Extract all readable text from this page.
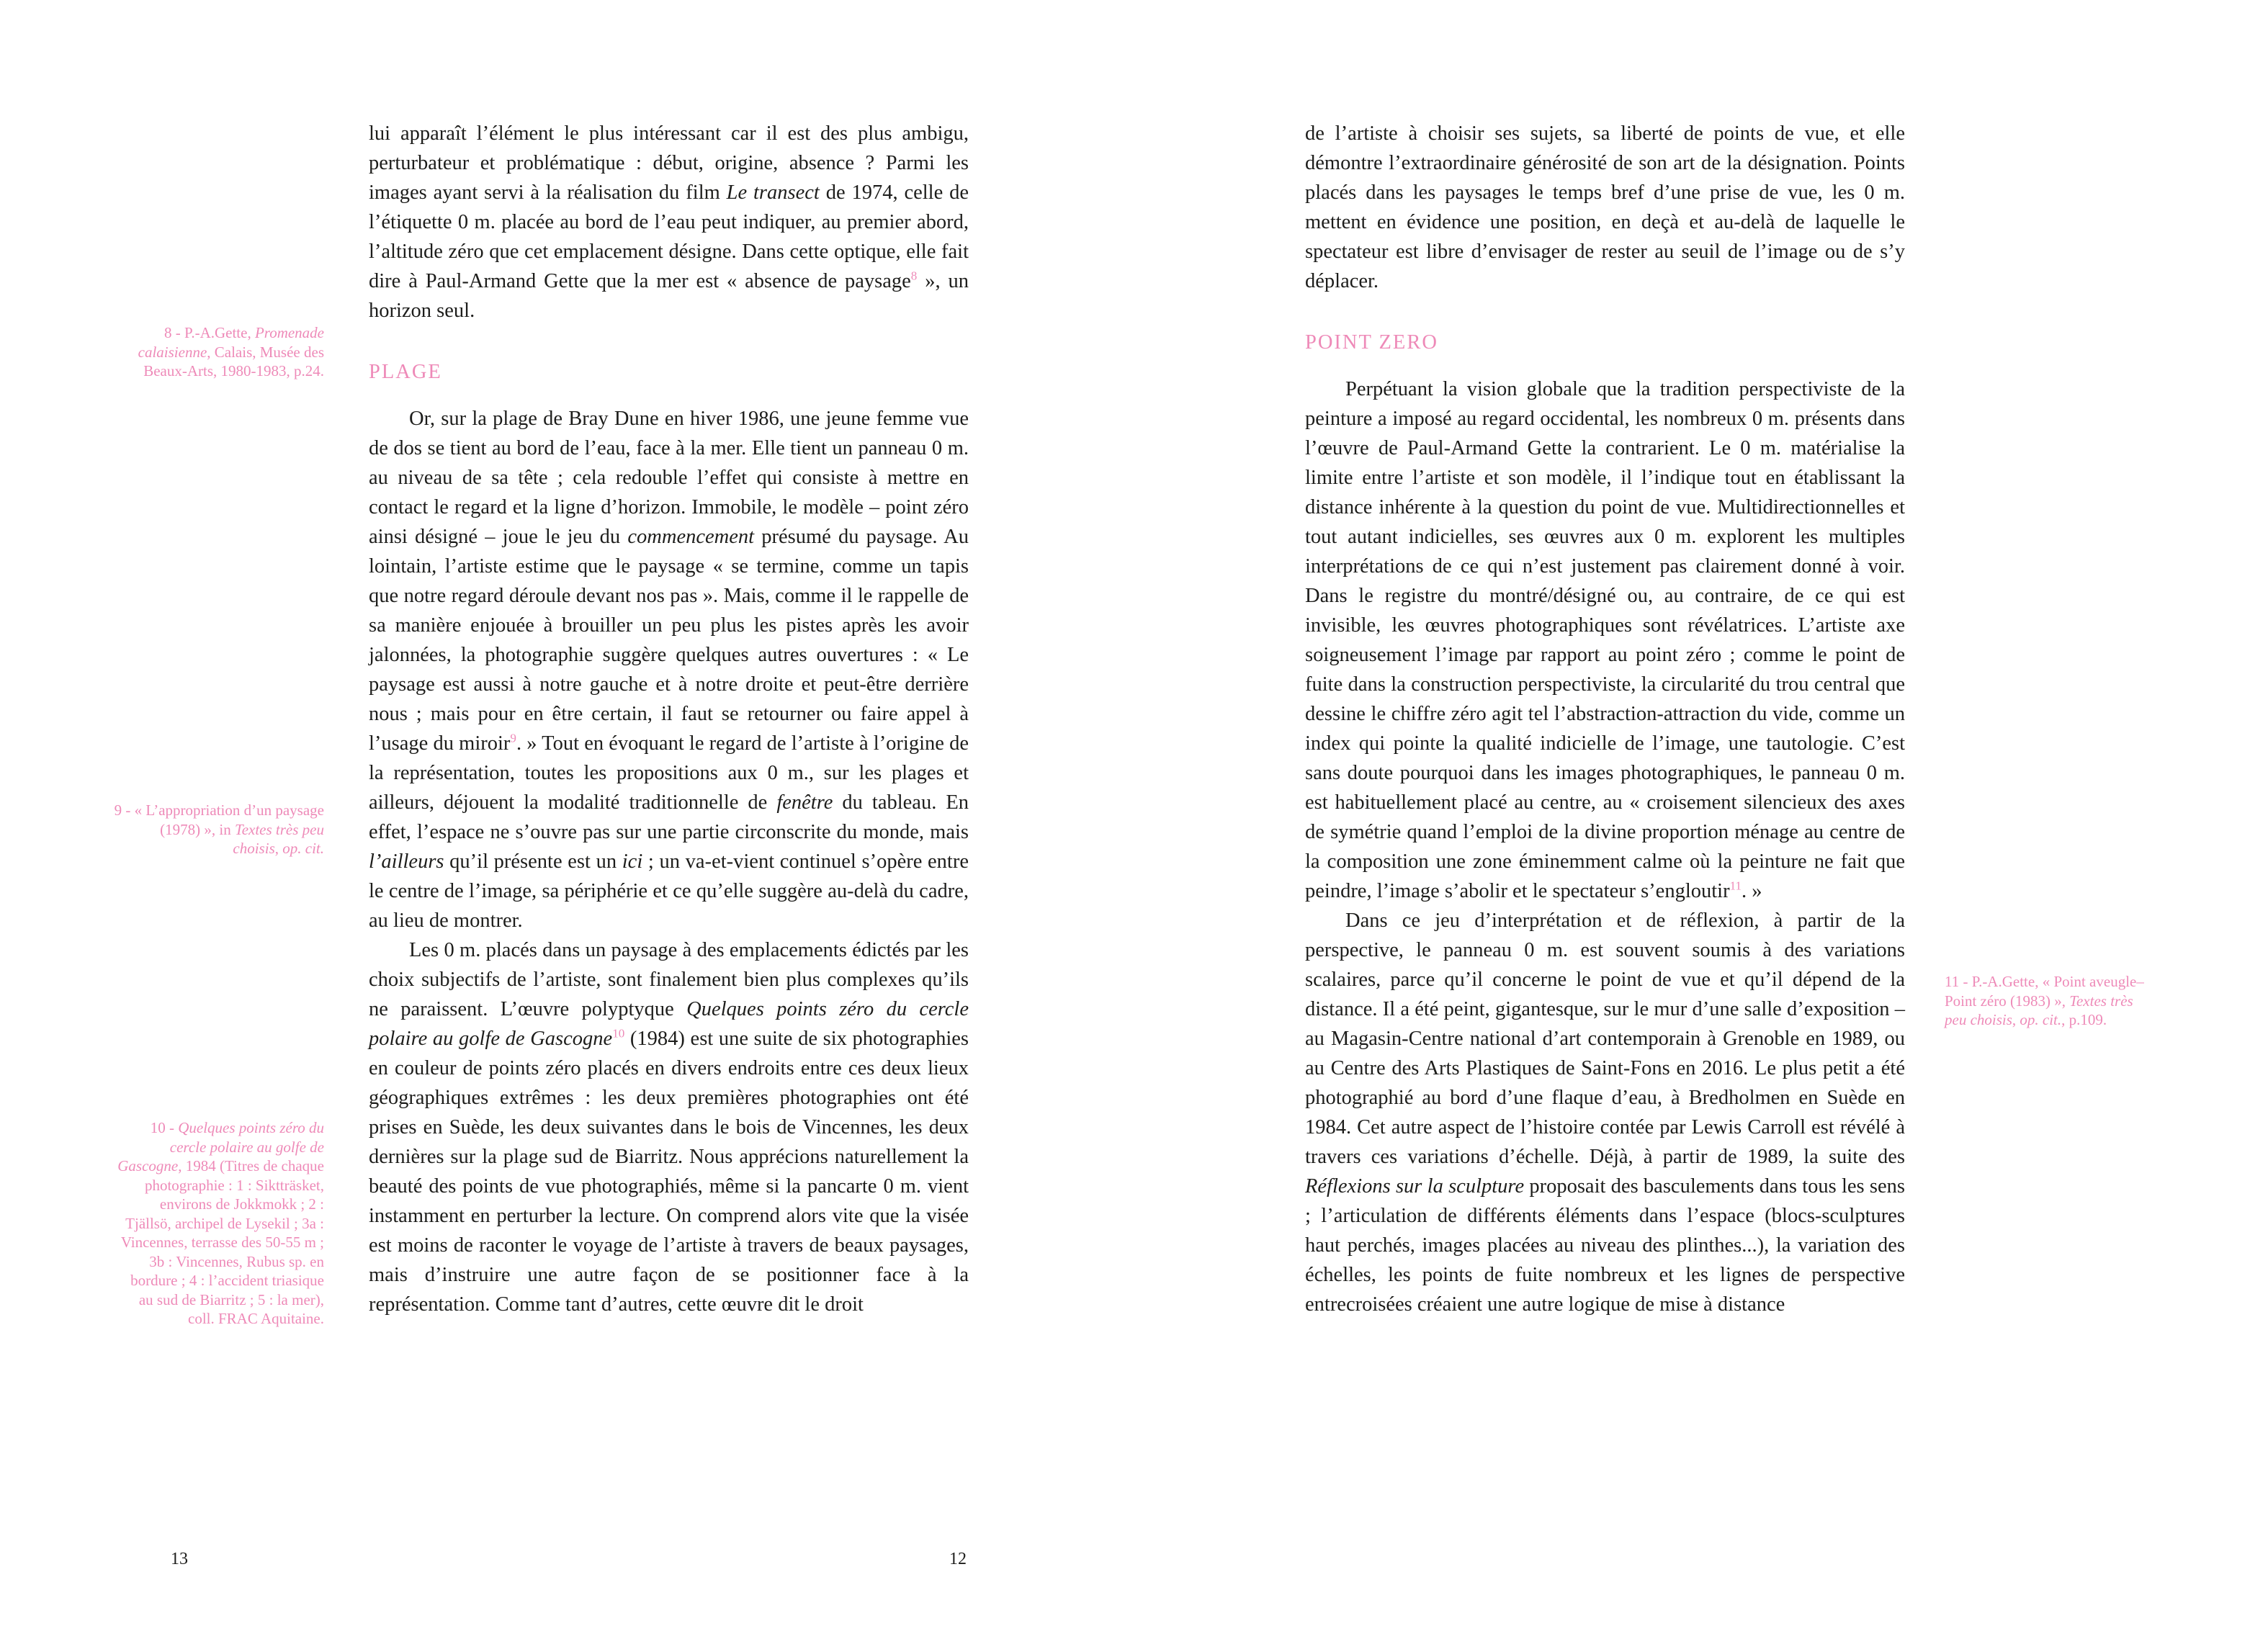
8 - P.-A.Gette, Promenade calaisienne, Calais, Musée des Beaux-Arts, 1980-1983, p.24.
9 - « L’appropriation d’un paysage (1978) », in Textes très peu choisis, op. cit.
10 - Quelques points zéro du cercle polaire au golfe de Gascogne, 1984 (Titres de chaque photographie : 1 : Siktträsket, environs de Jokkmokk ; 2 : Tjällsö, archipel de Lysekil ; 3a : Vincennes, terrasse des 50-55 m ; 3b : Vincennes, Rubus sp. en bordure ; 4 : l’accident triasique au sud de Biarritz ; 5 : la mer), coll. FRAC Aquitaine.

lui apparaît l’élément le plus intéressant car il est des plus ambigu, perturbateur et problématique : début, origine, absence ? Parmi les images ayant servi à la réalisation du film Le transect de 1974, celle de l’étiquette 0 m. placée au bord de l’eau peut indiquer, au premier abord, l’altitude zéro que cet emplacement désigne. Dans cette optique, elle fait dire à Paul-Armand Gette que la mer est « absence de paysage$^8$ », un horizon seul.

PLAGE

Or, sur la plage de Bray Dune en hiver 1986, une jeune femme vue de dos se tient au bord de l’eau, face à la mer. Elle tient un panneau 0 m. au niveau de sa tête ; cela redouble l’effet qui consiste à mettre en contact le regard et la ligne d’horizon. Immobile, le modèle – point zéro ainsi désigné – joue le jeu du commencement présumé du paysage. Au lointain, l’artiste estime que le paysage « se termine, comme un tapis que notre regard déroule devant nos pas ». Mais, comme il le rappelle de sa manière enjouée à brouiller un peu plus les pistes après les avoir jalonnées, la photographie suggère quelques autres ouvertures : « Le paysage est aussi à notre gauche et à notre droite et peut-être derrière nous ; mais pour en être certain, il faut se retourner ou faire appel à l’usage du miroir$^9$. » Tout en évoquant le regard de l’artiste à l’origine de la représentation, toutes les propositions aux 0 m., sur les plages et ailleurs, déjouent la modalité traditionnelle de fenêtre du tableau. En effet, l’espace ne s’ouvre pas sur une partie circonscrite du monde, mais l’ailleurs qu’il présente est un ici ; un va-et-vient continuel s’opère entre le centre de l’image, sa périphérie et ce qu’elle suggère au-delà du cadre, au lieu de montrer.

Les 0 m. placés dans un paysage à des emplacements édictés par les choix subjectifs de l’artiste, sont finalement bien plus complexes qu’ils ne paraissent. L’œuvre polyptyque Quelques points zéro du cercle polaire au golfe de Gascogne$^{10}$ (1984) est une suite de six photographies en couleur de points zéro placés en divers endroits entre ces deux lieux géographiques extrêmes : les deux premières photographies ont été prises en Suède, les deux suivantes dans le bois de Vincennes, les deux dernières sur la plage sud de Biarritz. Nous apprécions naturellement la beauté des points de vue photographiés, même si la pancarte 0 m. vient instamment en perturber la lecture. On comprend alors vite que la visée est moins de raconter le voyage de l’artiste à travers de beaux paysages, mais d’instruire une autre façon de se positionner face à la représentation. Comme tant d’autres, cette œuvre dit le droit

11 - P.-A.Gette, « Point aveugle– Point zéro (1983) », Textes très peu choisis, op. cit., p.109.

de l’artiste à choisir ses sujets, sa liberté de points de vue, et elle démontre l’extraordinaire générosité de son art de la désignation. Points placés dans les paysages le temps bref d’une prise de vue, les 0 m. mettent en évidence une position, en deçà et au-delà de laquelle le spectateur est libre d’envisager de rester au seuil de l’image ou de s’y déplacer.

POINT ZERO

Perpétuant la vision globale que la tradition perspectiviste de la peinture a imposé au regard occidental, les nombreux 0 m. présents dans l’œuvre de Paul-Armand Gette la contrarient. Le 0 m. matérialise la limite entre l’artiste et son modèle, il l’indique tout en établissant la distance inhérente à la question du point de vue. Multidirectionnelles et tout autant indicielles, ses œuvres aux 0 m. explorent les multiples interprétations de ce qui n’est justement pas clairement donné à voir. Dans le registre du montré/désigné ou, au contraire, de ce qui est invisible, les œuvres photographiques sont révélatrices. L’artiste axe soigneusement l’image par rapport au point zéro ; comme le point de fuite dans la construction perspectiviste, la circularité du trou central que dessine le chiffre zéro agit tel l’abstraction-attraction du vide, comme un index qui pointe la qualité indicielle de l’image, une tautologie. C’est sans doute pourquoi dans les images photographiques, le panneau 0 m. est habituellement placé au centre, au « croisement silencieux des axes de symétrie quand l’emploi de la divine proportion ménage au centre de la composition une zone éminemment calme où la peinture ne fait que peindre, l’image s’abolir et le spectateur s’engloutir$^{11}$. »

Dans ce jeu d’interprétation et de réflexion, à partir de la perspective, le panneau 0 m. est souvent soumis à des variations scalaires, parce qu’il concerne le point de vue et qu’il dépend de la distance. Il a été peint, gigantesque, sur le mur d’une salle d’exposition – au Magasin-Centre national d’art contemporain à Grenoble en 1989, ou au Centre des Arts Plastiques de Saint-Fons en 2016. Le plus petit a été photographié au bord d’une flaque d’eau, à Bredholmen en Suède en 1984. Cet autre aspect de l’histoire contée par Lewis Carroll est révélé à travers ces variations d’échelle. Déjà, à partir de 1989, la suite des Réflexions sur la sculpture proposait des basculements dans tous les sens ; l’articulation de différents éléments dans l’espace (blocs-sculptures haut perchés, images placées au niveau des plinthes...), la variation des échelles, les points de fuite nombreux et les lignes de perspective entrecroisées créaient une autre logique de mise à distance

12
13
